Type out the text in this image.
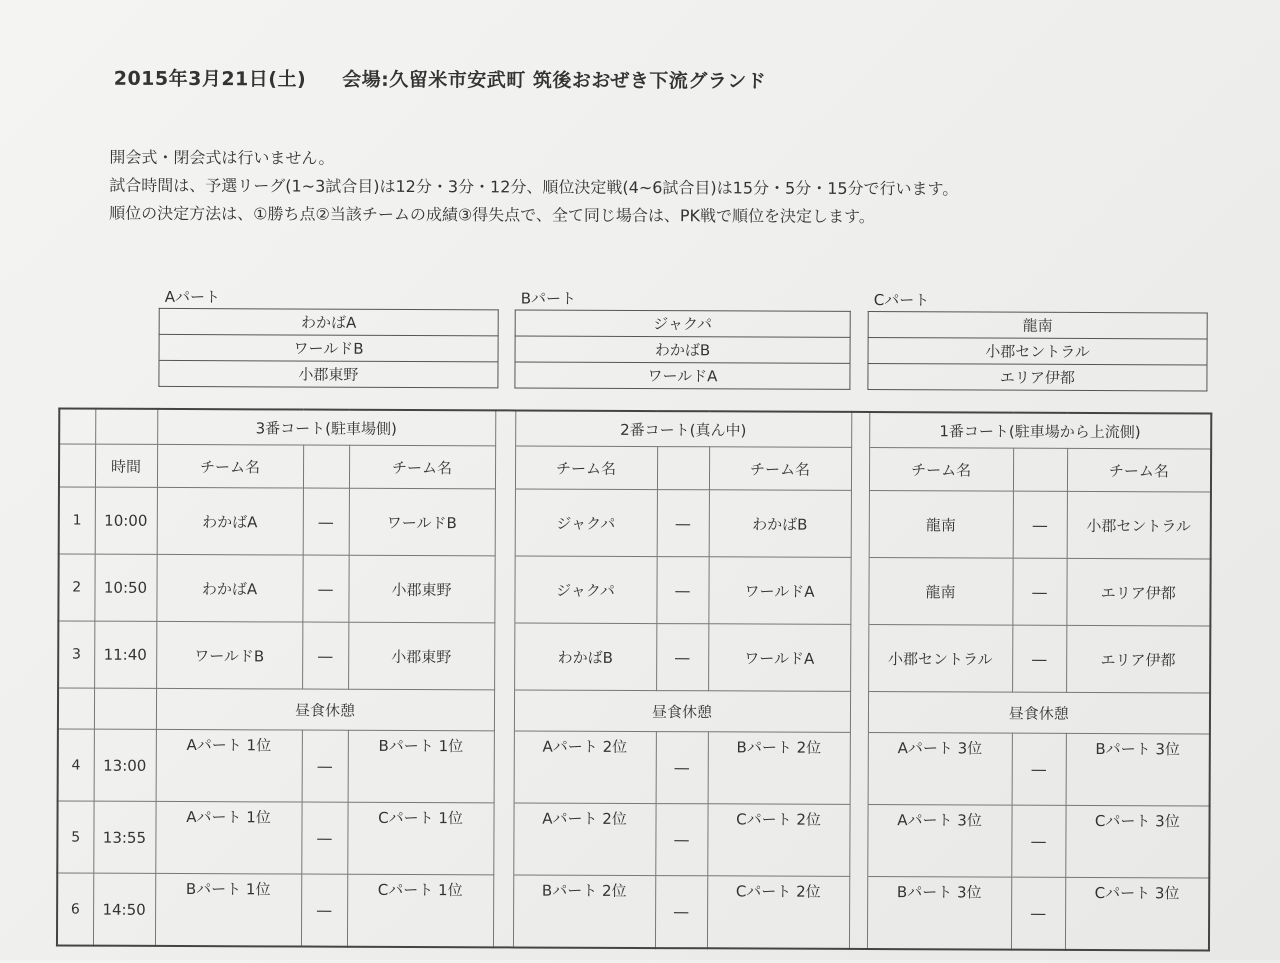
2015年3月21日(土) 会場:久留米市安武町 筑後おおぜき下流グランド
開会式・閉会式は行いません。
試合時間は、予選リーグ(1~3試合目)は12分・3分・12分、順位決定戦(4~6試合目)は15分・5分・15分で行います。
順位の決定方法は、①勝ち点②当該チームの成績③得失点で、全て同じ場合は、PK戦で順位を決定します。
Aパート
わかばA
ワールドB
小郡東野
Bパート
ジャクパ
わかばB
ワールドA
Cパート
龍南
小郡セントラル
エリア伊都
		3番コート(駐車場側)				2番コート(真ん中)				1番コート(駐車場から上流側)		
	時間	チーム名		チーム名		チーム名		チーム名		チーム名		チーム名
1	10:00	わかばA	—	ワールドB		ジャクパ	—	わかばB		龍南	—	小郡セントラル
2	10:50	わかばA	—	小郡東野		ジャクパ	—	ワールドA		龍南	—	エリア伊都
3	11:40	ワールドB	—	小郡東野		わかばB	—	ワールドA		小郡セントラル	—	エリア伊都
		昼食休憩				昼食休憩				昼食休憩		
4	13:00	Aパート 1位	—	Bパート 1位		Aパート 2位	—	Bパート 2位		Aパート 3位	—	Bパート 3位
5	13:55	Aパート 1位	—	Cパート 1位		Aパート 2位	—	Cパート 2位		Aパート 3位	—	Cパート 3位
6	14:50	Bパート 1位	—	Cパート 1位		Bパート 2位	—	Cパート 2位		Bパート 3位	—	Cパート 3位
